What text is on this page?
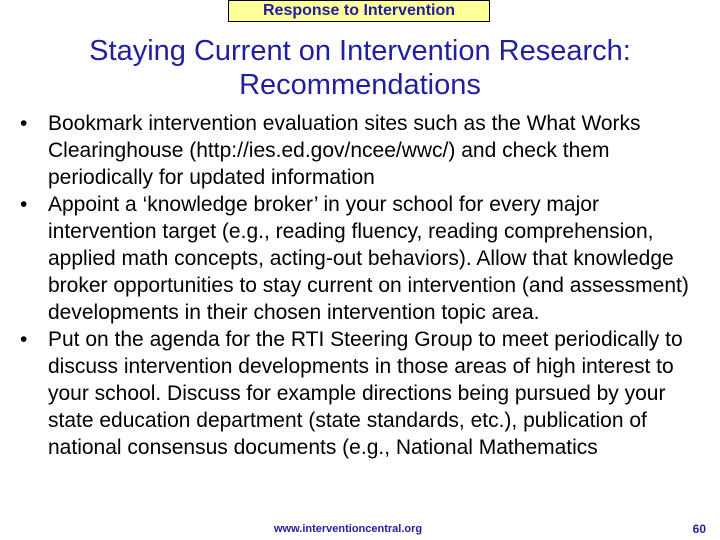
Response to Intervention
Staying Current on Intervention Research: Recommendations
• Bookmark intervention evaluation sites such as the What Works Clearinghouse (http://ies.ed.gov/ncee/wwc/) and check them periodically for updated information
• Appoint a ‘knowledge broker’ in your school for every major intervention target (e.g., reading fluency, reading comprehension, applied math concepts, acting-out behaviors). Allow that knowledge broker opportunities to stay current on intervention (and assessment) developments in their chosen intervention topic area.
• Put on the agenda for the RTI Steering Group to meet periodically to discuss intervention developments in those areas of high interest to your school. Discuss for example directions being pursued by your state education department (state standards, etc.), publication of national consensus documents (e.g., National Mathematics
www.interventioncentral.org	60
